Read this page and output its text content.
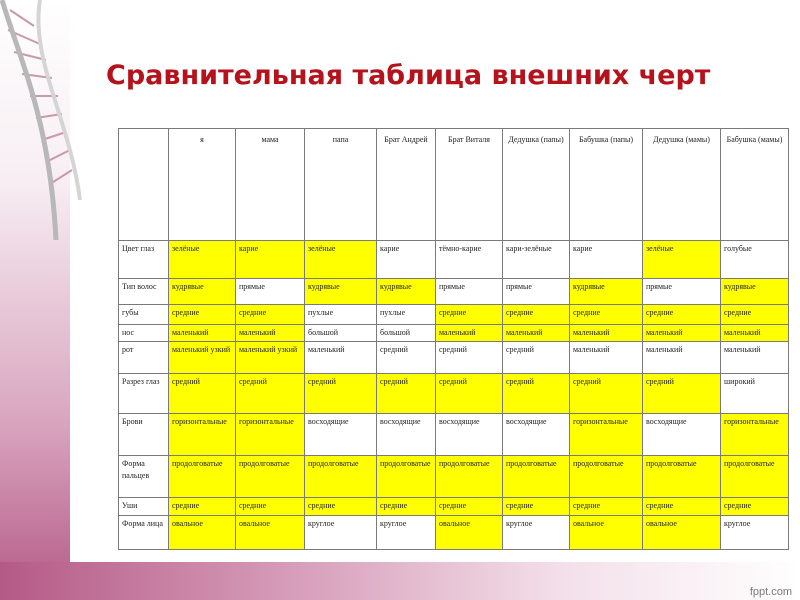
Сравнительная таблица внешних черт
	я	мама	папа	Брат Андрей	Брат Виталя	Дедушка (папы)	Бабушка (папы)	Дедушка (мамы)	Бабушка (мамы)
Цвет глаз	зелёные	карие	зелёные	карие	тёмно-карие	кари-зелёные	карие	зелёные	голубые
Тип волос	кудрявые	прямые	кудрявые	кудрявые	прямые	прямые	кудрявые	прямые	кудрявые
губы	средние	средние	пухлые	пухлые	средние	средние	средние	средние	средние
нос	маленький	маленький	большой	большой	маленький	маленький	маленький	маленький	маленький
рот	маленький узкий	маленький узкий	маленький	средний	средний	средний	маленький	маленький	маленький
Разрез глаз	средний	средний	средний	средний	средний	средний	средний	средний	широкий
Брови	горизонтальные	горизонтальные	восходящие	восходящие	восходящие	восходящие	горизонтальные	восходящие	горизонтальные
Форма пальцев	продолговатые	продолговатые	продолговатые	продолговатые	продолговатые	продолговатые	продолговатые	продолговатые	продолговатые
Уши	средние	средние	средние	средние	средние	средние	средние	средние	средние
Форма лица	овальное	овальное	круглое	круглое	овальное	круглое	овальное	овальное	круглое
fppt.com
